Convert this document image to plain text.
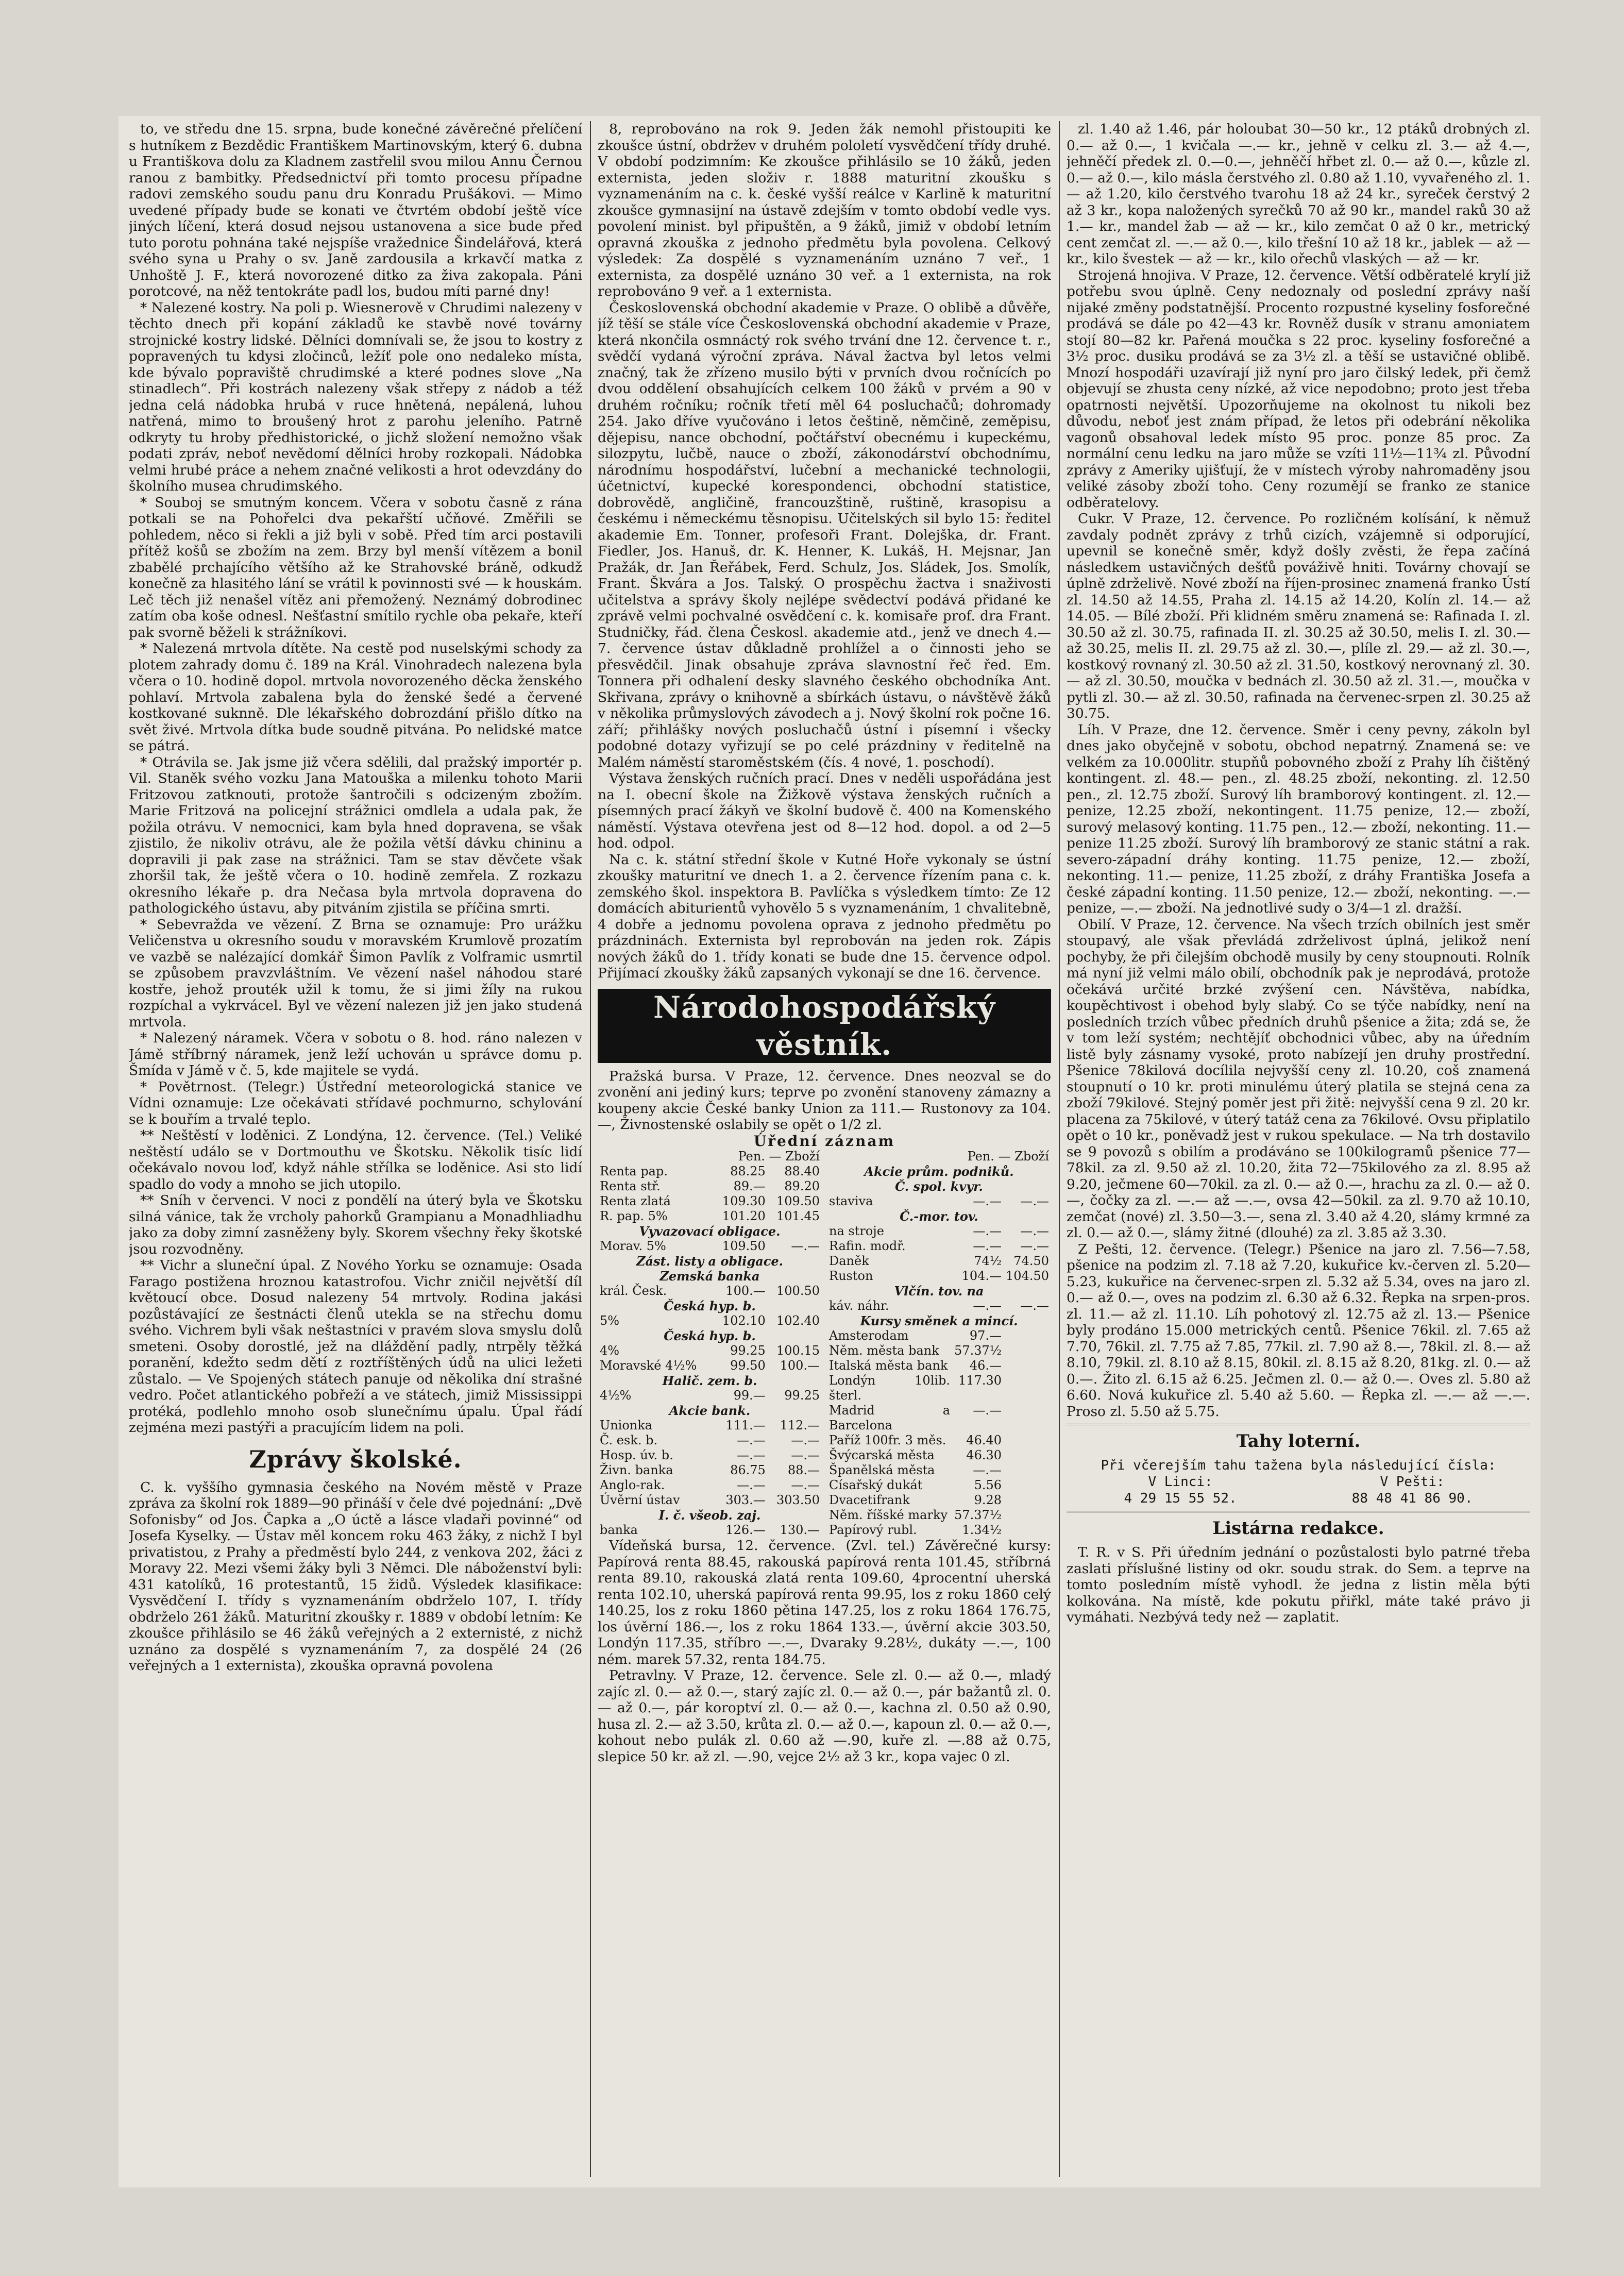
to, ve středu dne 15. srpna, bude konečné závěrečné přelíčení s hutníkem z Bezdědic Františkem Martinovským, který 6. dubna u Františkova dolu za Kladnem zastřelil svou milou Annu Černou ranou z bambitky. Předsednictví při tomto procesu případne radovi zemského soudu panu dru Konradu Prušákovi. — Mimo uvedené případy bude se konati ve čtvrtém období ještě více jiných líčení, která dosud nejsou ustanovena a sice bude před tuto porotu pohnána také nejspíše vražednice Šindelářová, která svého syna u Prahy o sv. Janě zardousila a krkavčí matka z Unhoště J. F., která novorozené ditko za živa zakopala. Páni porotcové, na něž tentokráte padl los, budou míti parné dny!

* Nalezené kostry. Na poli p. Wiesnerově v Chrudimi nalezeny v těchto dnech při kopání základů ke stavbě nové továrny strojnické kostry lidské. Dělníci domnívali se, že jsou to kostry z popravených tu kdysi zločinců, ležíť pole ono nedaleko místa, kde bývalo popraviště chrudimské a které podnes slove „Na stinadlech“. Při kostrách nalezeny však střepy z nádob a též jedna celá nádobka hrubá v ruce hnětená, nepálená, luhou natřená, mimo to broušený hrot z parohu jeleního. Patrně odkryty tu hroby předhistorické, o jichž složení nemožno však podati zpráv, neboť nevědomí dělníci hroby rozkopali. Nádobka velmi hrubé práce a nehem značné velikosti a hrot odevzdány do školního musea chrudimského.

* Souboj se smutným koncem. Včera v sobotu časně z rána potkali se na Pohořelci dva pekařští učňové. Změřili se pohledem, něco si řekli a již byli v sobě. Před tím arci postavili přítěž košů se zbožím na zem. Brzy byl menší vítězem a bonil zbabělé prchajícího většího až ke Strahovské bráně, odkudž konečně za hlasitého lání se vrátil k povinnosti své — k houskám. Leč těch již nenašel vítěz ani přemožený. Neznámý dobrodinec zatím oba koše odnesl. Nešťastní smítilo rychle oba pekaře, kteří pak svorně běželi k strážníkovi.

* Nalezená mrtvola dítěte. Na cestě pod nuselskými schody za plotem zahrady domu č. 189 na Král. Vinohradech nalezena byla včera o 10. hodině dopol. mrtvola novorozeného děcka ženského pohlaví. Mrtvola zabalena byla do ženské šedé a červené kostkované suknně. Dle lékařského dobrozdání přišlo dítko na svět živé. Mrtvola dítka bude soudně pitvána. Po nelidské matce se pátrá.

* Otrávila se. Jak jsme již včera sdělili, dal pražský importér p. Vil. Staněk svého vozku Jana Matouška a milenku tohoto Marii Fritzovou zatknouti, protože šantročili s odcizeným zbožím. Marie Fritzová na policejní strážnici omdlela a udala pak, že požila otrávu. V nemocnici, kam byla hned dopravena, se však zjistilo, že nikoliv otrávu, ale že požila větší dávku chininu a dopravili ji pak zase na strážnici. Tam se stav děvčete však zhoršil tak, že ještě včera o 10. hodině zemřela. Z rozkazu okresního lékaře p. dra Nečasa byla mrtvola dopravena do pathologického ústavu, aby pitváním zjistila se příčina smrti.

* Sebevražda ve vězení. Z Brna se oznamuje: Pro urážku Veličenstva u okresního soudu v moravském Krumlově prozatím ve vazbě se nalézající domkář Šimon Pavlík z Volframic usmrtil se způsobem pravzvláštním. Ve vězení našel náhodou staré kostře, jehož prouték užil k tomu, že si jimi žíly na rukou rozpíchal a vykrvácel. Byl ve vězení nalezen již jen jako studená mrtvola.

* Nalezený náramek. Včera v sobotu o 8. hod. ráno nalezen v Jámě stříbrný náramek, jenž leží uchován u správce domu p. Šmída v Jámě v č. 5, kde majitele se vydá.

* Povětrnost. (Telegr.) Ústřední meteorologická stanice ve Vídni oznamuje: Lze očekávati střídavé pochmurno, schylování se k bouřím a trvalé teplo.

** Neštěstí v loděnici. Z Londýna, 12. července. (Tel.) Veliké neštěstí událo se v Dortmouthu ve Škotsku. Několik tisíc lidí očekávalo novou loď, když náhle střílka se loděnice. Asi sto lidí spadlo do vody a mnoho se jich utopilo.

** Sníh v červenci. V noci z pondělí na úterý byla ve Škotsku silná vánice, tak že vrcholy pahorků Grampianu a Monadhliadhu jako za doby zimní zasněženy byly. Skorem všechny řeky škotské jsou rozvodněny.

** Vichr a sluneční úpal. Z Nového Yorku se oznamuje: Osada Farago postižena hroznou katastrofou. Vichr zničil největší díl květoucí obce. Dosud nalezeny 54 mrtvoly. Rodina jakási pozůstávající ze šestnácti členů utekla se na střechu domu svého. Vichrem byli však neštastníci v pravém slova smyslu dolů smeteni. Osoby dorostlé, jež na dláždění padly, ntrpěly těžká poranění, kdežto sedm dětí z roztříštěných údů na ulici ležeti zůstalo. — Ve Spojených státech panuje od několika dní strašné vedro. Počet atlantického pobřeží a ve státech, jimiž Mississippi protéká, podlehlo mnoho osob slunečnímu úpalu. Úpal řádí zejména mezi pastýři a pracujícím lidem na poli.

Zprávy školské.

C. k. vyššího gymnasia českého na Novém městě v Praze zpráva za školní rok 1889—90 přináší v čele dvé pojednání: „Dvě Sofonisby“ od Jos. Čapka a „O úctě a lásce vladaři povinné“ od Josefa Kyselky. — Ústav měl koncem roku 463 žáky, z nichž I byl privatistou, z Prahy a předměstí bylo 244, z venkova 202, žáci z Moravy 22. Mezi všemi žáky byli 3 Němci. Dle náboženství byli: 431 katolíků, 16 protestantů, 15 židů. Výsledek klasifikace: Vysvědčení I. třídy s vyznamenáním obdrželo 107, I. třídy obdrželo 261 žáků. Maturitní zkoušky r. 1889 v období letním: Ke zkoušce přihlásilo se 46 žáků veřejných a 2 externisté, z nichž uznáno za dospělé s vyznamenáním 7, za dospělé 24 (26 veřejných a 1 externista), zkouška opravná povolena

8, reprobováno na rok 9. Jeden žák nemohl přistoupiti ke zkoušce ústní, obdržev v druhém pololetí vysvědčení třídy druhé. V období podzimním: Ke zkoušce přihlásilo se 10 žáků, jeden externista, jeden složiv r. 1888 maturitní zkoušku s vyznamenáním na c. k. české vyšší reálce v Karlině k maturitní zkoušce gymnasijní na ústavě zdejším v tomto období vedle vys. povolení minist. byl připuštěn, a 9 žáků, jimiž v období letním opravná zkouška z jednoho předmětu byla povolena. Celkový výsledek: Za dospělé s vyznamenáním uznáno 7 veř., 1 externista, za dospělé uznáno 30 veř. a 1 externista, na rok reprobováno 9 veř. a 1 externista.

Československá obchodní akademie v Praze. O oblibě a důvěře, jíž těší se stále více Československá obchodní akademie v Praze, která nkončila osmnáctý rok svého trvání dne 12. července t. r., svědčí vydaná výroční zpráva. Nával žactva byl letos velmi značný, tak že zřízeno musilo býti v prvních dvou ročnících po dvou oddělení obsahujících celkem 100 žáků v prvém a 90 v druhém ročníku; ročník třetí měl 64 posluchačů; dohromady 254. Jako dříve vyučováno i letos češtině, němčině, zeměpisu, dějepisu, nance obchodní, počtářství obecnému i kupeckému, silozpytu, lučbě, nauce o zboží, zákonodárství obchodnímu, národnímu hospodářství, lučební a mechanické technologii, účetnictví, kupecké korespondenci, obchodní statistice, dobrovědě, angličině, francouzštině, ruštině, krasopisu a českému i německému těsnopisu. Učitelských sil bylo 15: ředitel akademie Em. Tonner, profesoři Frant. Dolejška, dr. Frant. Fiedler, Jos. Hanuš, dr. K. Henner, K. Lukáš, H. Mejsnar, Jan Pražák, dr. Jan Řeřábek, Ferd. Schulz, Jos. Sládek, Jos. Smolík, Frant. Škvára a Jos. Talský. O prospěchu žactva i snaživosti učitelstva a správy školy nejlépe svědectví podává přidané ke zprávě velmi pochvalné osvědčení c. k. komisaře prof. dra Frant. Studničky, řád. člena Českosl. akademie atd., jenž ve dnech 4.—7. července ústav důkladně prohlížel a o činnosti jeho se přesvědčil. Jinak obsahuje zpráva slavnostní řeč řed. Em. Tonnera při odhalení desky slavného českého obchodníka Ant. Skřivana, zprávy o knihovně a sbírkách ústavu, o návštěvě žáků v několika průmyslových závodech a j. Nový školní rok počne 16. září; přihlášky nových posluchačů ústní i písemní i všecky podobné dotazy vyřizují se po celé prázdniny v ředitelně na Malém náměstí staroměstském (čís. 4 nové, 1. poschodí).

Výstava ženských ručních prací. Dnes v neděli uspořádána jest na I. obecní škole na Žižkově výstava ženských ručních a písemných prací žákyň ve školní budově č. 400 na Komenského náměstí. Výstava otevřena jest od 8—12 hod. dopol. a od 2—5 hod. odpol.

Na c. k. státní střední škole v Kutné Hoře vykonaly se ústní zkoušky maturitní ve dnech 1. a 2. července řízením pana c. k. zemského škol. inspektora B. Pavlíčka s výsledkem tímto: Ze 12 domácích abiturientů vyhovělo 5 s vyznamenáním, 1 chvalitebně, 4 dobře a jednomu povolena oprava z jednoho předmětu po prázdninách. Externista byl reprobován na jeden rok. Zápis nových žáků do 1. třídy konati se bude dne 15. července odpol. Přijímací zkoušky žáků zapsaných vykonají se dne 16. července.

Národohospodářský věstník.

Pražská bursa. V Praze, 12. července. Dnes neozval se do zvonění ani jediný kurs; teprve po zvonění stanoveny zámazny a koupeny akcie České banky Union za 111.— Rustonovy za 104.—, Živnostenské oslabily se opět o 1/2 zl.

Úřední záznam
Pen. — Zboží		
Renta pap.	88.25	88.40
Renta stř.	89.—	89.20
Renta zlatá	109.30	109.50
R. pap. 5%	101.20	101.45
Vyvazovací obligace.		
Morav. 5%	109.50	—.—
Zást. listy a obligace.		
Zemská banka		
král. Česk.	100.—	100.50
Česká hyp. b.		
5%	102.10	102.40
Česká hyp. b.		
4%	99.25	100.15
Moravské 4½%	99.50	100.—
Halič. zem. b.		
4½%	99.—	99.25
Akcie bank.		
Unionka	111.—	112.—
Č. esk. b.	—.—	—.—
Hosp. úv. b.	—.—	—.—
Živn. banka	86.75	88.—
Anglo-rak.	—.—	—.—
Úvěrní ústav	303.—	303.50
I. č. všeob. zaj.		
banka	126.—	130.—
Pen. — Zboží		
Akcie prům. podniků.		
Č. spol. kvyr.		
staviva	—.—	—.—
Č.-mor. tov.		
na stroje	—.—	—.—
Rafin. modř.	—.—	—.—
Daněk	74½	74.50
Ruston	104.—	104.50
Vlčín. tov. na		
káv. náhr.	—.—	—.—
Kursy směnek a mincí.		
Amsterodam	97.—	
Něm. města bank	57.37½	
Italská města bank	46.—	
Londýn 10lib. šterl.	117.30	
Madrid a Barcelona	—.—	
Paříž 100fr. 3 měs.	46.40	
Švýcarská města	46.30	
Španělská města	—.—	
Císařský dukát	5.56	
Dvacetifrank	9.28	
Něm. říšské marky	57.37½	
Papírový rubl.	1.34½	

Vídeňská bursa, 12. července. (Zvl. tel.) Závěrečné kursy: Papírová renta 88.45, rakouská papírová renta 101.45, stříbrná renta 89.10, rakouská zlatá renta 109.60, 4procentní uherská renta 102.10, uherská papírová renta 99.95, los z roku 1860 celý 140.25, los z roku 1860 pětina 147.25, los z roku 1864 176.75, los úvěrní 186.—, los z roku 1864 133.—, úvěrní akcie 303.50, Londýn 117.35, stříbro —.—, Dvaraky 9.28½, dukáty —.—, 100 ném. marek 57.32, renta 184.75.

Petravlny. V Praze, 12. července. Sele zl. 0.— až 0.—, mladý zajíc zl. 0.— až 0.—, starý zajíc zl. 0.— až 0.—, pár bažantů zl. 0.— až 0.—, pár koroptví zl. 0.— až 0.—, kachna zl. 0.50 až 0.90, husa zl. 2.— až 3.50, krůta zl. 0.— až 0.—, kapoun zl. 0.— až 0.—, kohout nebo pulák zl. 0.60 až —.90, kuře zl. —.88 až 0.75, slepice 50 kr. až zl. —.90, vejce 2½ až 3 kr., kopa vajec 0 zl.

zl. 1.40 až 1.46, pár holoubat 30—50 kr., 12 ptáků drobných zl. 0.— až 0.—, 1 kvičala —.— kr., jehně v celku zl. 3.— až 4.—, jehněčí předek zl. 0.—0.—, jehněčí hřbet zl. 0.— až 0.—, kůzle zl. 0.— až 0.—, kilo másla čerstvého zl. 0.80 až 1.10, vyvařeného zl. 1.— až 1.20, kilo čerstvého tvarohu 18 až 24 kr., syreček čerstvý 2 až 3 kr., kopa naložených syrečků 70 až 90 kr., mandel raků 30 až 1.— kr., mandel žab — až — kr., kilo zemčat 0 až 0 kr., metrický cent zemčat zl. —.— až 0.—, kilo třešní 10 až 18 kr., jablek — až — kr., kilo švestek — až — kr., kilo ořechů vlaských — až — kr.

Strojená hnojiva. V Praze, 12. července. Větší odběratelé krylí již potřebu svou úplně. Ceny nedoznaly od poslední zprávy naší nijaké změny podstatnější. Procento rozpustné kyseliny fosforečné prodává se dále po 42—43 kr. Rovněž dusík v stranu amoniatem stojí 80—82 kr. Pařená moučka s 22 proc. kyseliny fosforečné a 3½ proc. dusiku prodává se za 3½ zl. a těší se ustavičné oblibě. Mnozí hospodáři uzavírají již nyní pro jaro čilský ledek, při čemž objevují se zhusta ceny nízké, až vice nepodobno; proto jest třeba opatrnosti největší. Upozorňujeme na okolnost tu nikoli bez důvodu, neboť jest znám případ, že letos při odebrání několika vagonů obsahoval ledek místo 95 proc. ponze 85 proc. Za normální cenu ledku na jaro může se vzíti 11½—11¾ zl. Původní zprávy z Ameriky ujišťují, že v místech výroby nahromaděny jsou veliké zásoby zboží toho. Ceny rozumějí se franko ze stanice odběratelovy.

Cukr. V Praze, 12. července. Po rozličném kolísání, k němuž zavdaly podnět zprávy z trhů cizích, vzájemně si odporující, upevnil se konečně směr, když došly zvěsti, že řepa začíná následkem ustavičných dešťů pováživě hniti. Továrny chovají se úplně zdrželivě. Nové zboží na říjen-prosinec znamená franko Ústí zl. 14.50 až 14.55, Praha zl. 14.15 až 14.20, Kolín zl. 14.— až 14.05. — Bílé zboží. Při klidném směru znamená se: Rafinada I. zl. 30.50 až zl. 30.75, rafinada II. zl. 30.25 až 30.50, melis I. zl. 30.— až 30.25, melis II. zl. 29.75 až zl. 30.—, plíle zl. 29.— až zl. 30.—, kostkový rovnaný zl. 30.50 až zl. 31.50, kostkový nerovnaný zl. 30.— až zl. 30.50, moučka v bednách zl. 30.50 až zl. 31.—, moučka v pytli zl. 30.— až zl. 30.50, rafinada na červenec-srpen zl. 30.25 až 30.75.

Líh. V Praze, dne 12. července. Směr i ceny pevny, zákoln byl dnes jako obyčejně v sobotu, obchod nepatrný. Znamená se: ve velkém za 10.000litr. stupňů pobovného zboží z Prahy líh čištěný kontingent. zl. 48.— pen., zl. 48.25 zboží, nekonting. zl. 12.50 pen., zl. 12.75 zboží. Surový líh bramborový kontingent. zl. 12.— penize, 12.25 zboží, nekontingent. 11.75 penize, 12.— zboží, surový melasový konting. 11.75 pen., 12.— zboží, nekonting. 11.— penize 11.25 zboží. Surový líh bramborový ze stanic státní a rak. severo-západní dráhy konting. 11.75 penize, 12.— zboží, nekonting. 11.— penize, 11.25 zboží, z dráhy Františka Josefa a české západní konting. 11.50 penize, 12.— zboží, nekonting. —.— penize, —.— zboží. Na jednotlivé sudy o 3/4—1 zl. dražší.

Obilí. V Praze, 12. července. Na všech trzích obilních jest směr stoupavý, ale však převládá zdrželivost úplná, jelikož není pochyby, že při čilejším obchodě musily by ceny stoupnouti. Rolník má nyní již velmi málo obilí, obchodník pak je neprodává, protože očekává určité brzké zvýšení cen. Návštěva, nabídka, koupěchtivost i obehod byly slabý. Co se týče nabídky, není na posledních trzích vůbec předních druhů pšenice a žita; zdá se, že v tom leží systém; nechtějíť obchodnici vůbec, aby na úředním listě byly zásnamy vysoké, proto nabízejí jen druhy prostřední. Pšenice 78kilová docílila nejvyšší ceny zl. 10.20, coš znamená stoupnutí o 10 kr. proti minulému úterý platila se stejná cena za zboží 79kilové. Stejný poměr jest při žitě: nejvyšší cena 9 zl. 20 kr. placena za 75kilové, v úterý tatáž cena za 76kilové. Ovsu připlatilo opět o 10 kr., poněvadž jest v rukou spekulace. — Na trh dostavilo se 9 povozů s obilím a prodáváno se 100kilogramů pšenice 77—78kil. za zl. 9.50 až zl. 10.20, žita 72—75kilového za zl. 8.95 až 9.20, ječmene 60—70kil. za zl. 0.— až 0.—, hrachu za zl. 0.— až 0.—, čočky za zl. —.— až —.—, ovsa 42—50kil. za zl. 9.70 až 10.10, zemčat (nové) zl. 3.50—3.—, sena zl. 3.40 až 4.20, slámy krmné za zl. 0.— až 0.—, slámy žitné (dlouhé) za zl. 3.85 až 3.30.

Z Pešti, 12. července. (Telegr.) Pšenice na jaro zl. 7.56—7.58, pšenice na podzim zl. 7.18 až 7.20, kukuřice kv.-červen zl. 5.20—5.23, kukuřice na červenec-srpen zl. 5.32 až 5.34, oves na jaro zl. 0.— až 0.—, oves na podzim zl. 6.30 až 6.32. Řepka na srpen-pros. zl. 11.— až zl. 11.10. Líh pohotový zl. 12.75 až zl. 13.— Pšenice byly prodáno 15.000 metrických centů. Pšenice 76kil. zl. 7.65 až 7.70, 76kil. zl. 7.75 až 7.85, 77kil. zl. 7.90 až 8.—, 78kil. zl. 8.— až 8.10, 79kil. zl. 8.10 až 8.15, 80kil. zl. 8.15 až 8.20, 81kg. zl. 0.— až 0.—. Žito zl. 6.15 až 6.25. Ječmen zl. 0.— až 0.—. Oves zl. 5.80 až 6.60. Nová kukuřice zl. 5.40 až 5.60. — Řepka zl. —.— až —.—. Proso zl. 5.50 až 5.75.

Tahy loterní.
Při včerejším tahu tažena byla následující čísla:
V Linci:
4 29 15 55 52.
V Pešti:
88 48 41 86 90.
Listárna redakce.

T. R. v S. Při úředním jednání o pozůstalosti bylo patrné třeba zaslati příslušné listiny od okr. soudu strak. do Sem. a teprve na tomto posledním místě vyhodl. že jedna z listin měla býti kolkována. Na místě, kde pokutu přiřkl, máte také právo ji vymáhati. Nezbývá tedy než — zaplatit.
